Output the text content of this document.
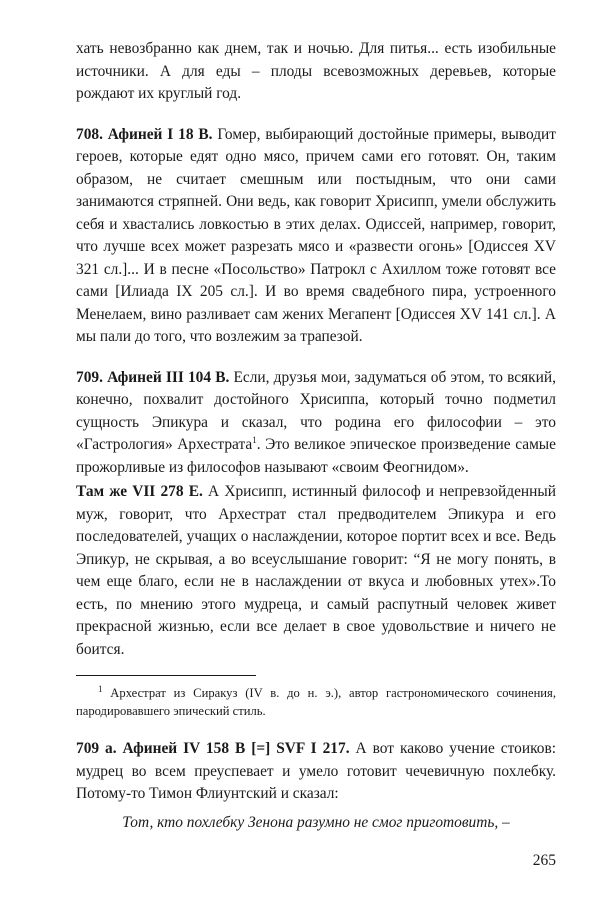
хать невозбранно как днем, так и ночью. Для питья... есть изобильные источники. А для еды – плоды всевозможных деревьев, которые рождают их круглый год.

708. Афиней I 18 В. Гомер, выбирающий достойные примеры, выводит героев, которые едят одно мясо, причем сами его готовят. Он, таким образом, не считает смешным или постыдным, что они сами занимаются стряпней. Они ведь, как говорит Хрисипп, умели обслужить себя и хвастались ловкостью в этих делах. Одиссей, например, говорит, что лучше всех может разрезать мясо и «развести огонь» [Одиссея XV 321 сл.]... И в песне «Посольство» Патрокл с Ахиллом тоже готовят все сами [Илиада IX 205 сл.]. И во время свадебного пира, устроенного Менелаем, вино разливает сам жених Мегапент [Одиссея XV 141 сл.]. А мы пали до того, что возлежим за трапезой.

709. Афиней III 104 В. Если, друзья мои, задуматься об этом, то всякий, конечно, похвалит достойного Хрисиппа, который точно подметил сущность Эпикура и сказал, что родина его философии – это «Гастрология» Архестрата$^1$. Это великое эпическое произведение самые прожорливые из философов называют «своим Феогнидом».

Там же VII 278 Е. А Хрисипп, истинный философ и непревзойденный муж, говорит, что Архестрат стал предводителем Эпикура и его последователей, учащих о наслаждении, которое портит всех и все. Ведь Эпикур, не скрывая, а во всеуслышание говорит: “Я не могу понять, в чем еще благо, если не в наслаждении от вкуса и любовных утех».То есть, по мнению этого мудреца, и самый распутный человек живет прекрасной жизнью, если все делает в свое удовольствие и ничего не боится.

$^1$ Архестрат из Сиракуз (IV в. до н. э.), автор гастрономического сочинения, пародировавшего эпический стиль.

709 а. Афиней IV 158 В [=] SVF I 217. А вот каково учение стоиков: мудрец во всем преуспевает и умело готовит чечевичную похлебку. Потому-то Тимон Флиунтский и сказал:

Тот, кто похлебку Зенона разумно не смог приготовить, –

265
